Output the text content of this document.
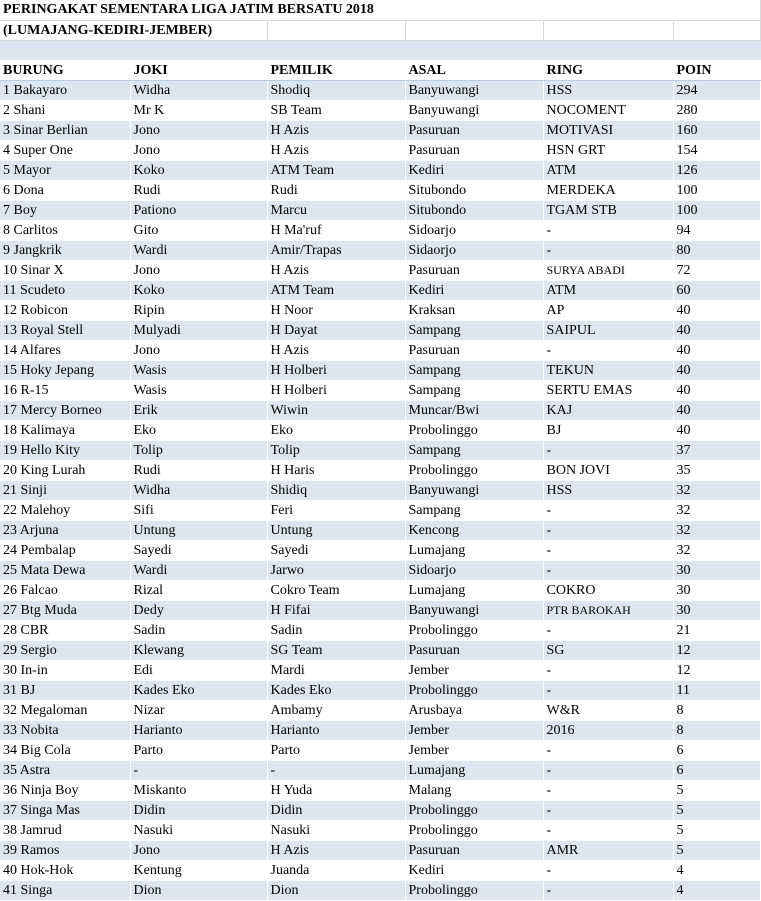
PERINGAKAT SEMENTARA LIGA JATIM BERSATU 2018					
(LUMAJANG-KEDIRI-JEMBER)					

BURUNG	JOKI	PEMILIK	ASAL	RING	POIN
1 Bakayaro	Widha	Shodiq	Banyuwangi	HSS	294
2 Shani	Mr K	SB Team	Banyuwangi	NOCOMENT	280
3 Sinar Berlian	Jono	H Azis	Pasuruan	MOTIVASI	160
4 Super One	Jono	H Azis	Pasuruan	HSN GRT	154
5 Mayor	Koko	ATM Team	Kediri	ATM	126
6 Dona	Rudi	Rudi	Situbondo	MERDEKA	100
7 Boy	Pationo	Marcu	Situbondo	TGAM STB	100
8 Carlitos	Gito	H Ma'ruf	Sidoarjo	-	94
9 Jangkrik	Wardi	Amir/Trapas	Sidaorjo	-	80
10 Sinar X	Jono	H Azis	Pasuruan	SURYA ABADI	72
11 Scudeto	Koko	ATM Team	Kediri	ATM	60
12 Robicon	Ripin	H Noor	Kraksan	AP	40
13 Royal Stell	Mulyadi	H Dayat	Sampang	SAIPUL	40
14 Alfares	Jono	H Azis	Pasuruan	-	40
15 Hoky Jepang	Wasis	H Holberi	Sampang	TEKUN	40
16 R-15	Wasis	H Holberi	Sampang	SERTU EMAS	40
17 Mercy Borneo	Erik	Wiwin	Muncar/Bwi	KAJ	40
18 Kalimaya	Eko	Eko	Probolinggo	BJ	40
19 Hello Kity	Tolip	Tolip	Sampang	-	37
20 King Lurah	Rudi	H Haris	Probolinggo	BON JOVI	35
21 Sinji	Widha	Shidiq	Banyuwangi	HSS	32
22 Malehoy	Sifi	Feri	Sampang	-	32
23 Arjuna	Untung	Untung	Kencong	-	32
24 Pembalap	Sayedi	Sayedi	Lumajang	-	32
25 Mata Dewa	Wardi	Jarwo	Sidoarjo	-	30
26 Falcao	Rizal	Cokro Team	Lumajang	COKRO	30
27 Btg Muda	Dedy	H Fifai	Banyuwangi	PTR BAROKAH	30
28 CBR	Sadin	Sadin	Probolinggo	-	21
29 Sergio	Klewang	SG Team	Pasuruan	SG	12
30 In-in	Edi	Mardi	Jember	-	12
31 BJ	Kades Eko	Kades Eko	Probolinggo	-	11
32 Megaloman	Nizar	Ambamy	Arusbaya	W&R	8
33 Nobita	Harianto	Harianto	Jember	2016	8
34 Big Cola	Parto	Parto	Jember	-	6
35 Astra	-	-	Lumajang	-	6
36 Ninja Boy	Miskanto	H Yuda	Malang	-	5
37 Singa Mas	Didin	Didin	Probolinggo	-	5
38 Jamrud	Nasuki	Nasuki	Probolinggo	-	5
39 Ramos	Jono	H Azis	Pasuruan	AMR	5
40 Hok-Hok	Kentung	Juanda	Kediri	-	4
41 Singa	Dion	Dion	Probolinggo	-	4
